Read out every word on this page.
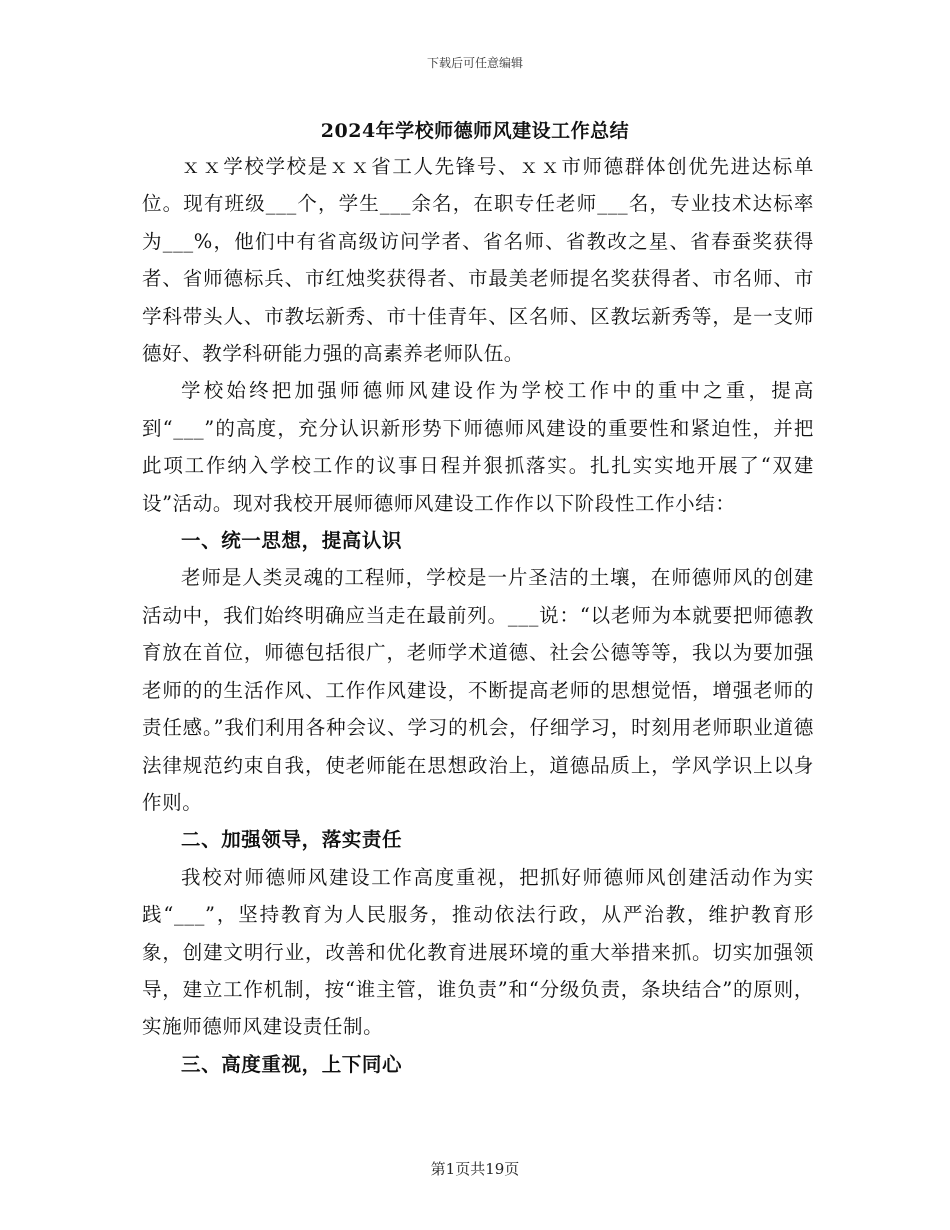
下载后可任意编辑
2024年学校师德师风建设工作总结

ｘｘ学校学校是ｘｘ省工人先锋号、ｘｘ市师德群体创优先进达标单位。现有班级___个，学生___余名，在职专任老师___名，专业技术达标率为___%，他们中有省高级访问学者、省名师、省教改之星、省春蚕奖获得者、省师德标兵、市红烛奖获得者、市最美老师提名奖获得者、市名师、市学科带头人、市教坛新秀、市十佳青年、区名师、区教坛新秀等，是一支师德好、教学科研能力强的高素养老师队伍。

学校始终把加强师德师风建设作为学校工作中的重中之重，提高到“___”的高度，充分认识新形势下师德师风建设的重要性和紧迫性，并把此项工作纳入学校工作的议事日程并狠抓落实。扎扎实实地开展了“双建设”活动。现对我校开展师德师风建设工作作以下阶段性工作小结：

一、统一思想，提高认识

老师是人类灵魂的工程师，学校是一片圣洁的土壤，在师德师风的创建活动中，我们始终明确应当走在最前列。___说：“以老师为本就要把师德教育放在首位，师德包括很广，老师学术道德、社会公德等等，我以为要加强老师的的生活作风、工作作风建设，不断提高老师的思想觉悟，增强老师的责任感。”我们利用各种会议、学习的机会，仔细学习，时刻用老师职业道德法律规范约束自我，使老师能在思想政治上，道德品质上，学风学识上以身作则。

二、加强领导，落实责任

我校对师德师风建设工作高度重视，把抓好师德师风创建活动作为实践“___”，坚持教育为人民服务，推动依法行政，从严治教，维护教育形象，创建文明行业，改善和优化教育进展环境的重大举措来抓。切实加强领导，建立工作机制，按“谁主管，谁负责”和“分级负责，条块结合”的原则，实施师德师风建设责任制。

三、高度重视，上下同心
第1页共19页
